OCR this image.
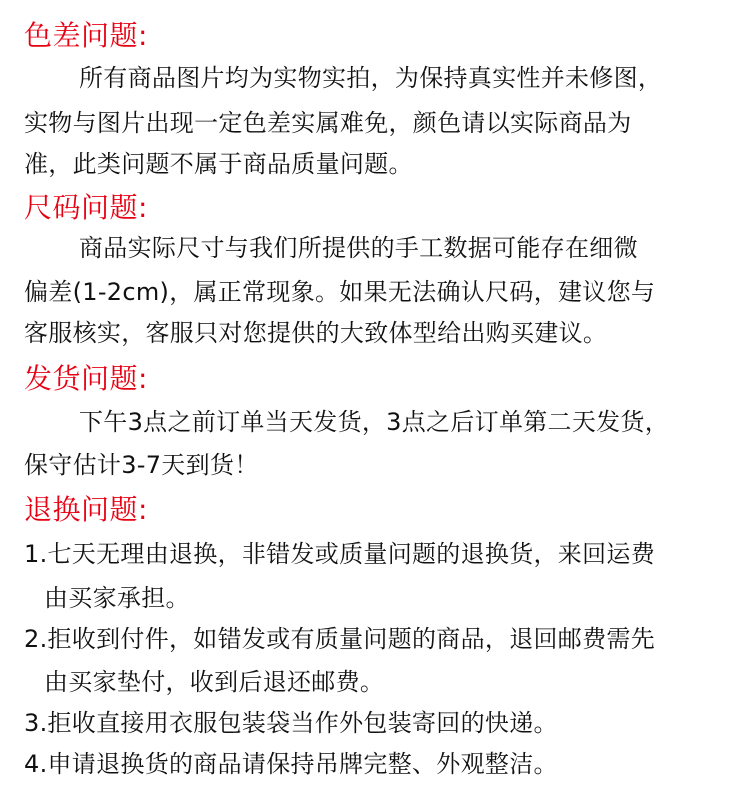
色差问题:
所有商品图片均为实物实拍，为保持真实性并未修图，
实物与图片出现一定色差实属难免，颜色请以实际商品为
准，此类问题不属于商品质量问题。
尺码问题:
商品实际尺寸与我们所提供的手工数据可能存在细微
偏差(1-2cm)，属正常现象。如果无法确认尺码，建议您与
客服核实，客服只对您提供的大致体型给出购买建议。
发货问题:
下午3点之前订单当天发货，3点之后订单第二天发货，
保守估计3-7天到货！
退换问题:
1.七天无理由退换，非错发或质量问题的退换货，来回运费
由买家承担。
2.拒收到付件，如错发或有质量问题的商品，退回邮费需先
由买家垫付，收到后退还邮费。
3.拒收直接用衣服包装袋当作外包装寄回的快递。
4.申请退换货的商品请保持吊牌完整、外观整洁。
